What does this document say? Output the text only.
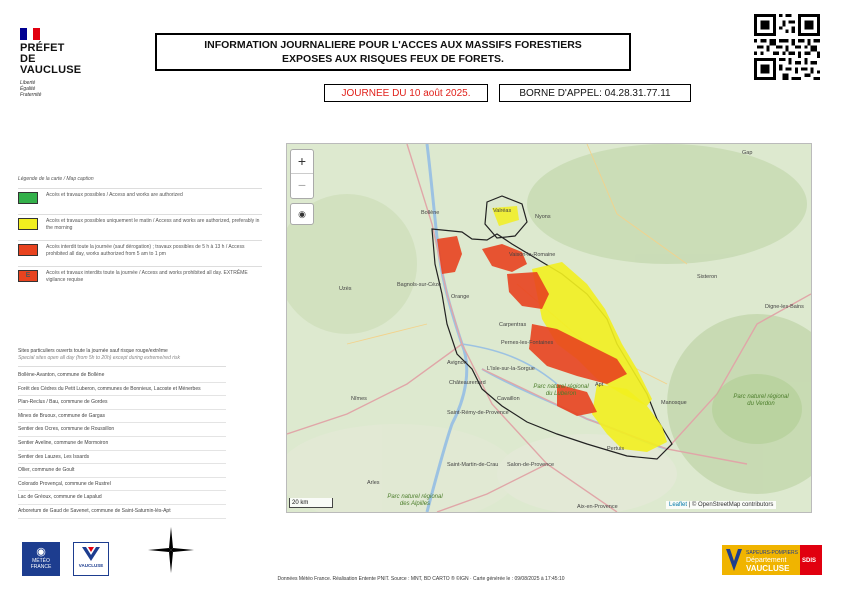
PRÉFET
DE VAUCLUSE
Liberté
Égalité
Fraternité
INFORMATION JOURNALIERE POUR L'ACCES AUX MASSIFS FORESTIERS
EXPOSES AUX RISQUES FEUX DE FORETS.
JOURNEE DU 10 août 2025.	BORNE D'APPEL: 04.28.31.77.11
Légende de la carte / Map caption
Accès et travaux possibles / Access and works are authorized
Accès et travaux possibles uniquement le matin / Access and works are authorized, preferably in the morning
Accès interdit toute la journée (sauf dérogation) ; travaux possibles de 5 h à 13 h / Access prohibited all day, works authorized from 5 am to 1 pm
E	Accès et travaux interdits toute la journée / Access and works prohibited all day. EXTRÊME vigilance requise
Sites particuliers ouverts toute la journée sauf risque rouge/extrême
Special sites open all day (from 5h to 20h) except during extreme/red risk
Bollène-Avanton, commune de Bollène
Forêt des Cèdres du Petit Luberon, communes de Bonnieux, Lacoste et Ménerbes
Plan-Reclus / Bau, commune de Gordes
Mines de Bruoux, commune de Gargas
Sentier des Ocres, commune de Roussillon
Sentier Aveline, commune de Mormoiron
Sentier des Lauzes, Les Issards
Ollier, commune de Goult
Colorado Provençal, commune de Rustrel
Lac de Gréoux, commune de Lapalud
Arboretum de Gaud de Savenet, commune de Saint-Saturnin-lès-Apt
Gap
Valréas
Nyons
Bollène
Vaison-la-Romaine
Orange
Bagnols-sur-Cèze
Carpentras
Avignon
Pernes-les-Fontaines
L'Isle-sur-la-Sorgue
Apt
Cavaillon
Châteaurenard
Nîmes
Saint-Rémy-de-Provence
Pertuis
Manosque
Sisteron
Digne-les-Bains
Arles
Salon-de-Provence
Aix-en-Provence
Saint-Martin-de-Crau
Uzès
Parc naturel régional du Luberon	Parc naturel régional du Verdon
Parc naturel régional des Alpilles
+
−
◉
20 km	Leaflet | © OpenStreetMap contributors
◉
MÉTÉO
FRANCE	VAUCLUSE
SAPEURS-POMPIERS
Département
VAUCLUSE
SDIS
Données Météo France. Réalisation Entente PNIT. Source : MNT, BD CARTO ® ©IGN · Carte générée le : 09/08/2025 à 17:45:10
